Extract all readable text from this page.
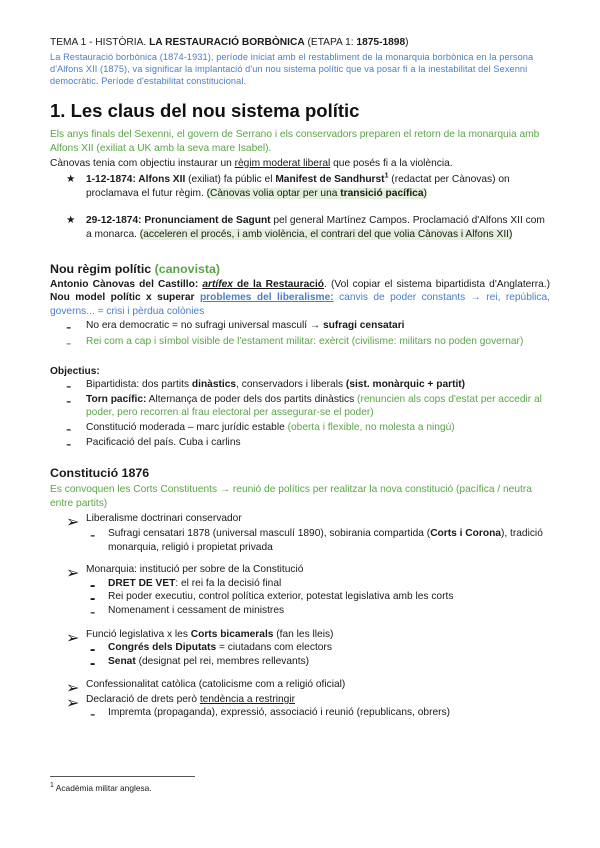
TEMA 1 - HISTÒRIA. LA RESTAURACIÓ BORBÒNICA (ETAPA 1: 1875-1898)

La Restauració borbònica (1874-1931), període iniciat amb el restabliment de la monarquia borbònica en la persona d'Alfons XII (1875), va significar la implantació d'un nou sistema polític que va posar fi a la inestabilitat del Sexenni democràtic. Període d'estabilitat constitucional.

1. Les claus del nou sistema polític

Els anys finals del Sexenni, el govern de Serrano i els conservadors preparen el retorn de la monarquia amb Alfons XII (exiliat a UK amb la seva mare Isabel).

Cànovas tenia com objectiu instaurar un règim moderat liberal que posés fi a la violència.

★ 1-12-1874: Alfons XII (exiliat) fa públic el Manifest de Sandhurst$^1$ (redactat per Cànovas) on proclamava el futur règim. (Cànovas volia optar per una transició pacífica)

★ 29-12-1874: Pronunciament de Sagunt pel general Martínez Campos. Proclamació d'Alfons XII com a monarca. (acceleren el procés, i amb violència, el contrari del que volia Cànovas i Alfons XII)

Nou règim polític (canovista)

Antonio Cànovas del Castillo: artífex de la Restauració. (Vol copiar el sistema bipartidista d'Anglaterra.) Nou model polític x superar problemes del liberalisme: canvis de poder constants → rei, república, governs... = crisi i pèrdua colònies

- No era democratic = no sufragi universal masculí → sufragi censatari

- Rei com a cap i símbol visible de l'estament militar: exèrcit (civilisme: militars no poden governar)

Objectius:

- Bipartidista: dos partits dinàstics, conservadors i liberals (sist. monàrquic + partit)

- Torn pacífic: Alternança de poder dels dos partits dinàstics (renuncien als cops d'estat per accedir al poder, pero recorren al frau electoral per assegurar-se el poder)

- Constitució moderada – marc jurídic estable (oberta i flexible, no molesta a ningú)

- Pacificació del país. Cuba i carlins

Constitució 1876

Es convoquen les Corts Constituents → reunió de polítics per realitzar la nova constitució (pacífica / neutra entre partits)

➢ Liberalisme doctrinari conservador

- Sufragi censatari 1878 (universal masculí 1890), sobirania compartida (Corts i Corona), tradició monarquia, religió i propietat privada

➢ Monarquia: institució per sobre de la Constitució

- DRET DE VET: el rei fa la decisió final

- Rei poder executiu, control política exterior, potestat legislativa amb les corts

- Nomenament i cessament de ministres

➢ Funció legislativa x les Corts bicamerals (fan les lleis)

- Congrés dels Diputats = ciutadans com electors

- Senat (designat pel rei, membres rellevants)

➢ Confessionalitat catòlica (catolicisme com a religió oficial)

➢ Declaració de drets però tendència a restringir

- Impremta (propaganda), expressió, associació i reunió (republicans, obrers)

$^1$ Acadèmia militar anglesa.
